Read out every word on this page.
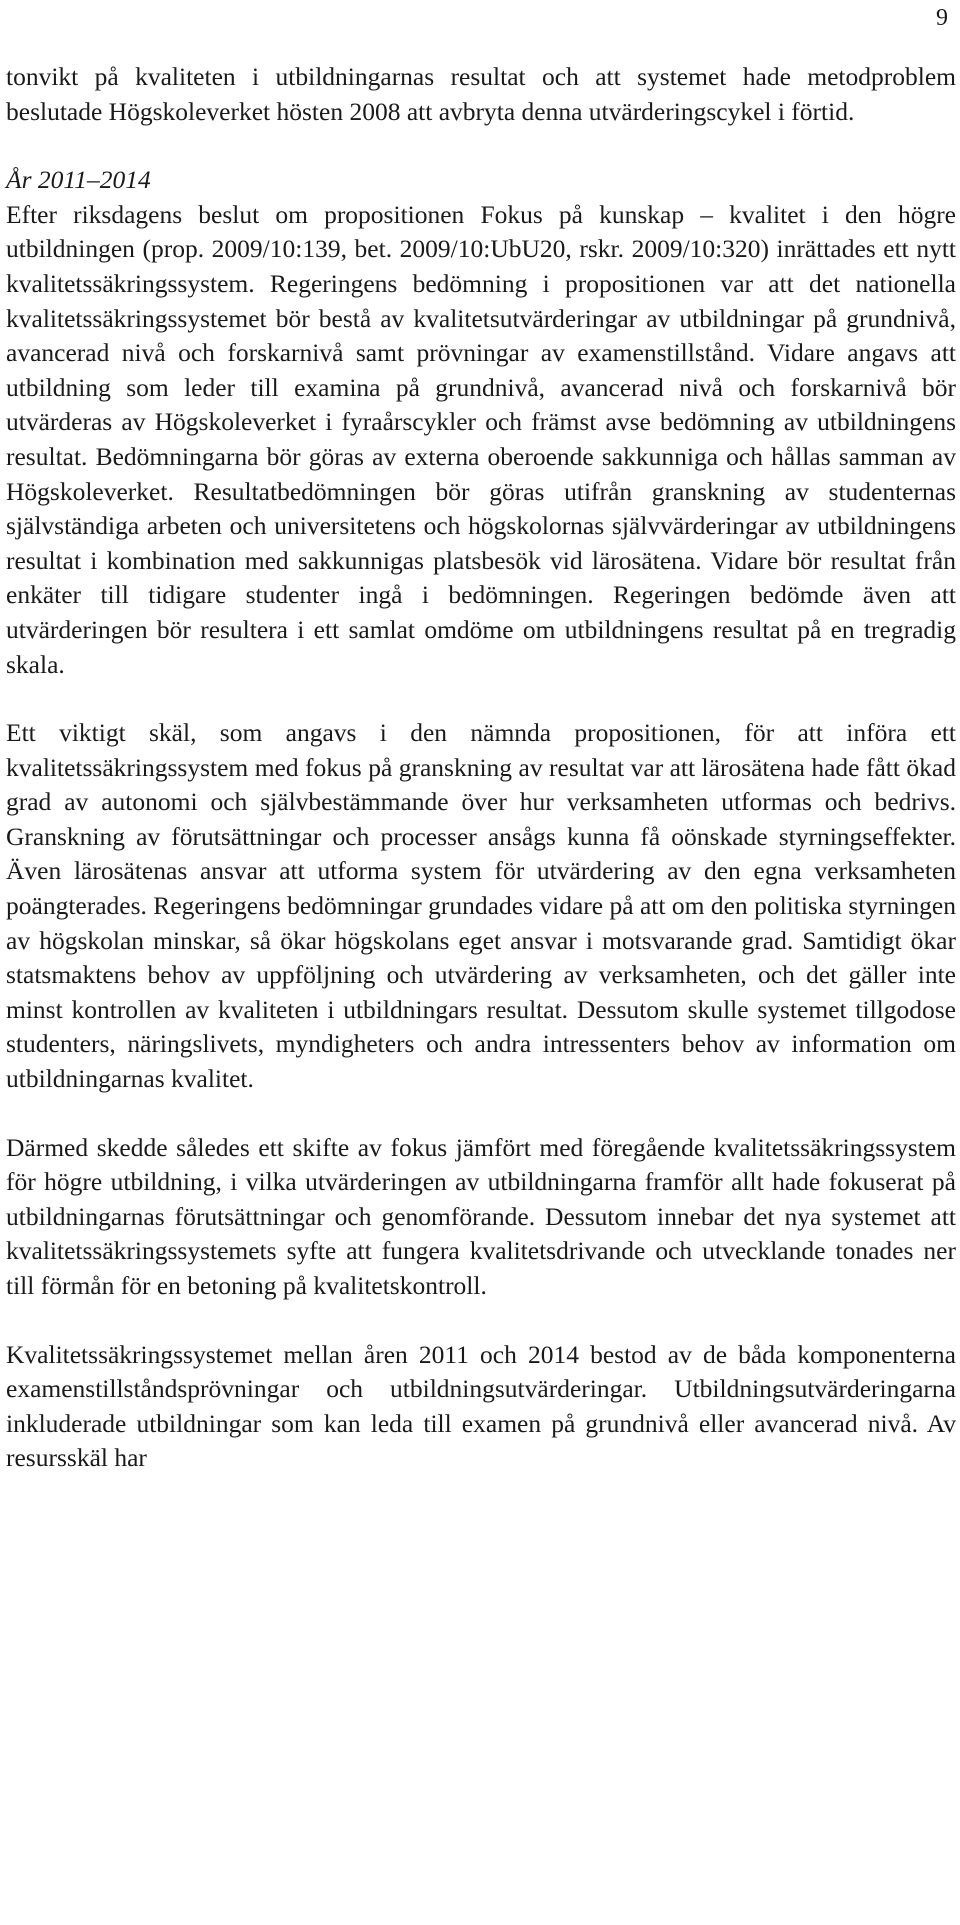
9

tonvikt på kvaliteten i utbildningarnas resultat och att systemet hade metodproblem beslutade Högskoleverket hösten 2008 att avbryta denna utvärderingscykel i förtid.

År 2011–2014

Efter riksdagens beslut om propositionen Fokus på kunskap – kvalitet i den högre utbildningen (prop. 2009/10:139, bet. 2009/10:UbU20, rskr. 2009/10:320) inrättades ett nytt kvalitetssäkringssystem. Regeringens bedömning i propositionen var att det nationella kvalitetssäkringssystemet bör bestå av kvalitetsutvärderingar av utbildningar på grundnivå, avancerad nivå och forskarnivå samt prövningar av examenstillstånd. Vidare angavs att utbildning som leder till examina på grundnivå, avancerad nivå och forskarnivå bör utvärderas av Högskoleverket i fyraårscykler och främst avse bedömning av utbildningens resultat. Bedömningarna bör göras av externa oberoende sakkunniga och hållas samman av Högskoleverket. Resultatbedömningen bör göras utifrån granskning av studenternas självständiga arbeten och universitetens och högskolornas självvärderingar av utbildningens resultat i kombination med sakkunnigas platsbesök vid lärosätena. Vidare bör resultat från enkäter till tidigare studenter ingå i bedömningen. Regeringen bedömde även att utvärderingen bör resultera i ett samlat omdöme om utbildningens resultat på en tregradig skala.

Ett viktigt skäl, som angavs i den nämnda propositionen, för att införa ett kvalitetssäkringssystem med fokus på granskning av resultat var att lärosätena hade fått ökad grad av autonomi och självbestämmande över hur verksamheten utformas och bedrivs. Granskning av förutsättningar och processer ansågs kunna få oönskade styrningseffekter. Även lärosätenas ansvar att utforma system för utvärdering av den egna verksamheten poängterades. Regeringens bedömningar grundades vidare på att om den politiska styrningen av högskolan minskar, så ökar högskolans eget ansvar i motsvarande grad. Samtidigt ökar statsmaktens behov av uppföljning och utvärdering av verksamheten, och det gäller inte minst kontrollen av kvaliteten i utbildningars resultat. Dessutom skulle systemet tillgodose studenters, näringslivets, myndigheters och andra intressenters behov av information om utbildningarnas kvalitet.

Därmed skedde således ett skifte av fokus jämfört med föregående kvalitetssäkringssystem för högre utbildning, i vilka utvärderingen av utbildningarna framför allt hade fokuserat på utbildningarnas förutsättningar och genomförande. Dessutom innebar det nya systemet att kvalitetssäkringssystemets syfte att fungera kvalitetsdrivande och utvecklande tonades ner till förmån för en betoning på kvalitetskontroll.

Kvalitetssäkringssystemet mellan åren 2011 och 2014 bestod av de båda komponenterna examenstillståndsprövningar och utbildningsutvärderingar. Utbildningsutvärderingarna inkluderade utbildningar som kan leda till examen på grundnivå eller avancerad nivå. Av resursskäl har
